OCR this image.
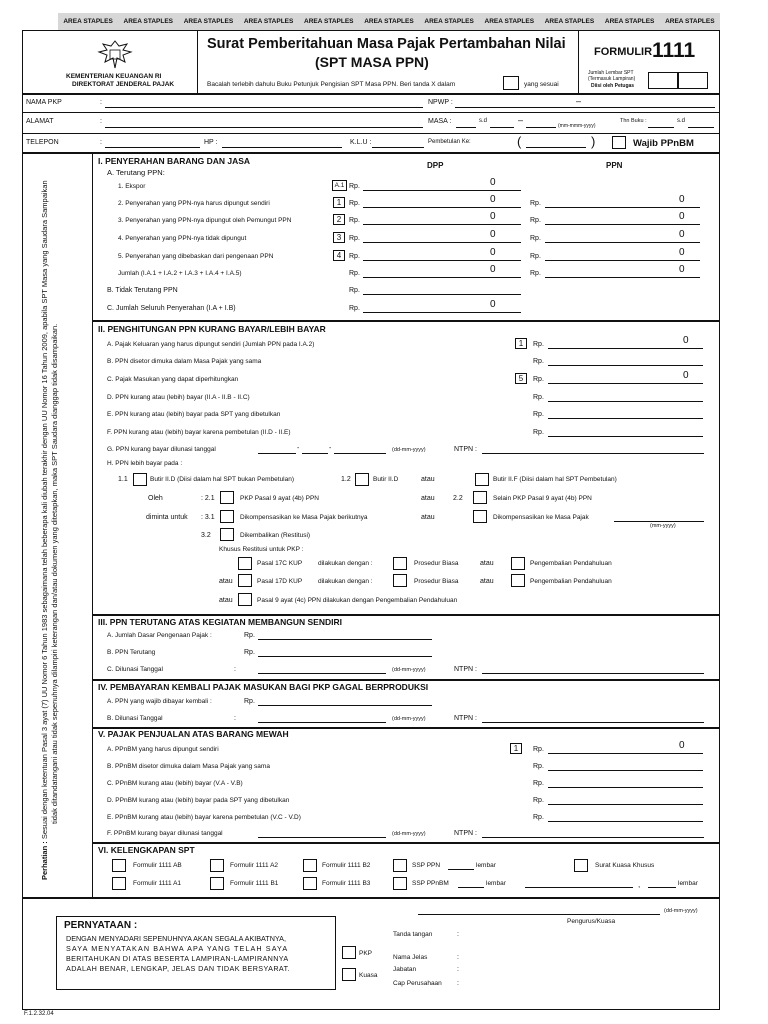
AREA STAPLES AREA STAPLES AREA STAPLES AREA STAPLES AREA STAPLES AREA STAPLES AREA STAPLES AREA STAPLES AREA STAPLES AREA STAPLES AREA STAPLES
KEMENTERIAN KEUANGAN RI
DIREKTORAT JENDERAL PAJAK
Surat Pemberitahuan Masa Pajak Pertambahan Nilai
(SPT MASA PPN)
Bacalah terlebih dahulu Buku Petunjuk Pengisian SPT Masa PPN. Beri tanda X dalam	yang sesuai
FORMULIR 1111
Jumlah Lembar SPT (Termasuk Lampiran)
Diisi oleh Petugas
NAMA PKP	:	NPWP :	–
ALAMAT	:	MASA :	s.d	–
(mm-mmm-yyyy)
Thn Buku :	s.d
TELEPON	:	HP :	K.L.U :	Pembetulan Ke:	(	)	Wajib PPnBM
Perhatian : Sesuai dengan ketentuan Pasal 3 ayat (7) UU Nomor 6 Tahun 1983 sebagaimana telah beberapa kali diubah terakhir dengan UU Nomor 16 Tahun 2009, apabila SPT Masa yang Saudara Sampaikan tidak ditandatangani atau tidak sepenuhnya dilampiri keterangan dan/atau dokumen yang ditetapkan, maka SPT Saudara dianggap tidak disampaikan.
I. PENYERAHAN BARANG DAN JASA	DPP	PPN
A. Terutang PPN:
1. Ekspor	A.1 Rp.	0
2. Penyerahan yang PPN-nya harus dipungut sendiri	1	Rp.	0	Rp.	0
3. Penyerahan yang PPN-nya dipungut oleh Pemungut PPN	2	Rp.	0	Rp.	0
4. Penyerahan yang PPN-nya tidak dipungut	3	Rp.	0	Rp.	0
5. Penyerahan yang dibebaskan dari pengenaan PPN	4	Rp.	0	Rp.	0
Jumlah (I.A.1 + I.A.2 + I.A.3 + I.A.4 + I.A.5)	Rp.	0	Rp.	0
B. Tidak Terutang PPN	Rp.
C. Jumlah Seluruh Penyerahan (I.A + I.B)	Rp.	0
II. PENGHITUNGAN PPN KURANG BAYAR/LEBIH BAYAR
A. Pajak Keluaran yang harus dipungut sendiri (Jumlah PPN pada I.A.2)	1	Rp.	0
B. PPN disetor dimuka dalam Masa Pajak yang sama	Rp.
C. Pajak Masukan yang dapat diperhitungkan	5	Rp.	0
D. PPN kurang atau (lebih) bayar (II.A - II.B - II.C)	Rp.
E. PPN kurang atau (lebih) bayar pada SPT yang dibetulkan	Rp.
F. PPN kurang atau (lebih) bayar karena pembetulan (II.D - II.E)	Rp.
G. PPN kurang bayar dilunasi tanggal	-	-	(dd-mm-yyyy)	NTPN :
H. PPN lebih bayar pada :
1.1	Butir II.D (Diisi dalam hal SPT bukan Pembetulan)	1.2	Butir II.D	atau	Butir II.F (Diisi dalam hal SPT Pembetulan)
Oleh	: 2.1	PKP Pasal 9 ayat (4b) PPN	atau	2.2	Selain PKP Pasal 9 ayat (4b) PPN
diminta untuk : 3.1	Dikompensasikan ke Masa Pajak berikutnya	atau	Dikompensasikan ke Masa Pajak
(mm-yyyy)
3.2	Dikembalikan (Restitusi)
Khusus Restitusi untuk PKP :
Pasal 17C KUP dilakukan dengan :	Prosedur Biasa	atau	Pengembalian Pendahuluan
atau	Pasal 17D KUP dilakukan dengan :	Prosedur Biasa	atau	Pengembalian Pendahuluan
atau	Pasal 9 ayat (4c) PPN dilakukan dengan Pengembalian Pendahuluan
III. PPN TERUTANG ATAS KEGIATAN MEMBANGUN SENDIRI
A. Jumlah Dasar Pengenaan Pajak :	Rp.
B. PPN Terutang	Rp.
C. Dilunasi Tanggal	:	(dd-mm-yyyy)	NTPN :
IV. PEMBAYARAN KEMBALI PAJAK MASUKAN BAGI PKP GAGAL BERPRODUKSI
A. PPN yang wajib dibayar kembali :	Rp.
B. Dilunasi Tanggal	:	(dd-mm-yyyy)	NTPN :
V. PAJAK PENJUALAN ATAS BARANG MEWAH
A. PPnBM yang harus dipungut sendiri	1	Rp.	0
B. PPnBM disetor dimuka dalam Masa Pajak yang sama	Rp.
C. PPnBM kurang atau (lebih) bayar (V.A - V.B)	Rp.
D. PPnBM kurang atau (lebih) bayar pada SPT yang dibetulkan	Rp.
E. PPnBM kurang atau (lebih) bayar karena pembetulan (V.C - V.D)	Rp.
F. PPnBM kurang bayar dilunasi tanggal	(dd-mm-yyyy)	NTPN :
VI. KELENGKAPAN SPT
Formulir 1111 AB	Formulir 1111 A2	Formulir 1111 B2	SSP PPN	lembar	Surat Kuasa Khusus
Formulir 1111 A1	Formulir 1111 B1	Formulir 1111 B3	SSP PPnBM	lembar	,	lembar
PERNYATAAN :
DENGAN MENYADARI SEPENUHNYA AKAN SEGALA AKIBATNYA,
SAYA MENYATAKAN BAHWA APA YANG TELAH SAYA
BERITAHUKAN DI ATAS BESERTA LAMPIRAN-LAMPIRANNYA
ADALAH BENAR, LENGKAP, JELAS DAN TIDAK BERSYARAT.
(dd-mm-yyyy)
Pengurus/Kuasa
Tanda tangan	:
PKP
Kuasa
Nama Jelas	:
Jabatan	:
Cap Perusahaan :
F.1.2.32.04
